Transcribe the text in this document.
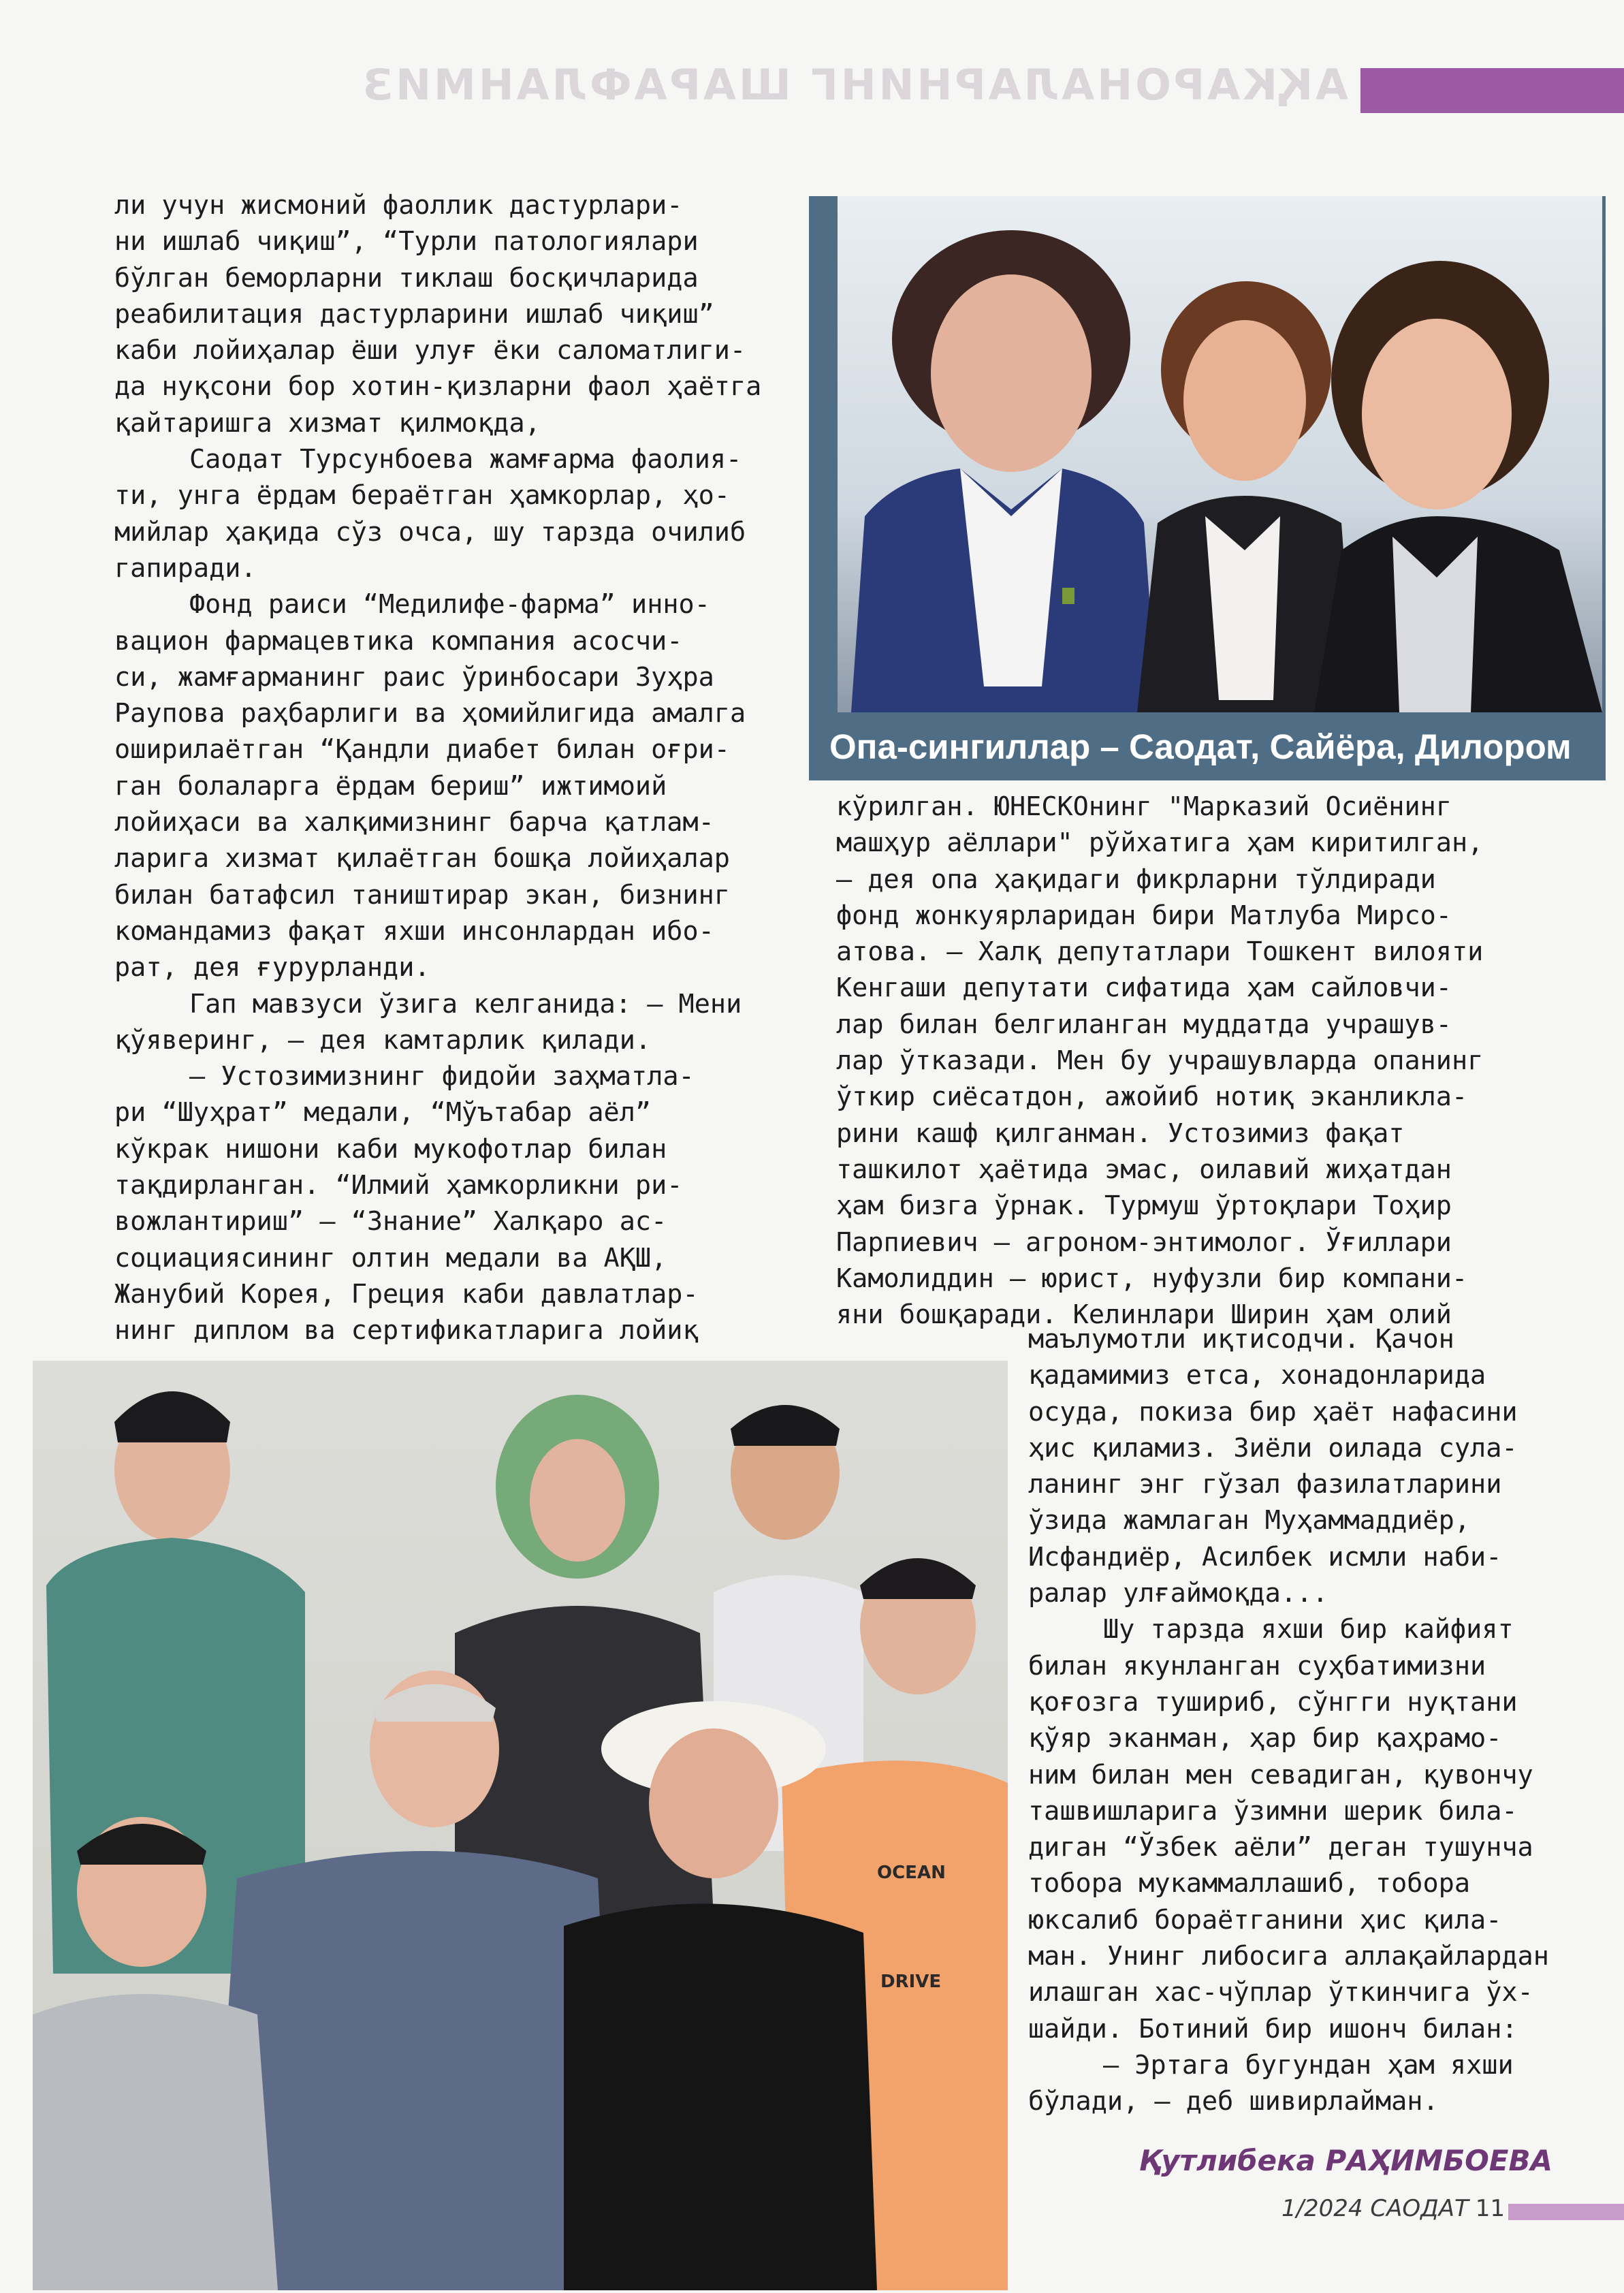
АҚКАРОНАЛАРНИНГ ШАРАФЛАНМИЗ

ли учун жисмоний фаоллик дастурлари-
ни ишлаб чиқиш”, “Турли патологиялари
бўлган беморларни тиклаш босқичларида
реабилитация дастурларини ишлаб чиқиш”
каби лойиҳалар ёши улуғ ёки саломатлиги-
да нуқсони бор хотин-қизларни фаол ҳаётга
қайтаришга хизмат қилмоқда,

Саодат Турсунбоева жамғарма фаолия-
ти, унга ёрдам бераётган ҳамкорлар, ҳо-
мийлар ҳақида сўз очса, шу тарзда очилиб
гапиради.

Фонд раиси “Медилифе-фарма” инно-
вацион фармацевтика компания асосчи-
си, жамғарманинг раис ўринбосари Зуҳра
Раупова раҳбарлиги ва ҳомийлигида амалга
оширилаётган “Қандли диабет билан оғри-
ган болаларга ёрдам бериш” ижтимоий
лойиҳаси ва халқимизнинг барча қатлам-
ларига хизмат қилаётган бошқа лойиҳалар
билан батафсил таништирар экан, бизнинг
командамиз фақат яхши инсонлардан ибо-
рат, дея ғурурланди.

Гап мавзуси ўзига келганида: – Мени
қўяверинг, – дея камтарлик қилади.

– Устозимизнинг фидойи заҳматла-
ри “Шуҳрат” медали, “Мўътабар аёл”
кўкрак нишони каби мукофотлар билан
тақдирланган. “Илмий ҳамкорликни ри-
вожлантириш” – “Знание” Халқаро ас-
социациясининг олтин медали ва АҚШ,
Жанубий Корея, Греция каби давлатлар-
нинг диплом ва сертификатларига лойиқ

Опа-сингиллар – Саодат, Сайёра, Дилором

кўрилган. ЮНЕСКОнинг "Марказий Осиёнинг
машҳур аёллари" рўйхатига ҳам киритилган,
– дея опа ҳақидаги фикрларни тўлдиради
фонд жонкуярларидан бири Матлуба Мирсо-
атова. – Халқ депутатлари Тошкент вилояти
Кенгаши депутати сифатида ҳам сайловчи-
лар билан белгиланган муддатда учрашув-
лар ўтказади. Мен бу учрашувларда опанинг
ўткир сиёсатдон, ажойиб нотиқ эканликла-
рини кашф қилганман. Устозимиз фақат
ташкилот ҳаётида эмас, оилавий жиҳатдан
ҳам бизга ўрнак. Турмуш ўртоқлари Тоҳир
Парпиевич – агроном-энтимолог. Ўғиллари
Камолиддин – юрист, нуфузли бир компани-
яни бошқаради. Келинлари Ширин ҳам олий

OCEAN
DRIVE

маълумотли иқтисодчи. Қачон
қадамимиз етса, хонадонларида
осуда, покиза бир ҳаёт нафасини
ҳис қиламиз. Зиёли оилада сула-
ланинг энг гўзал фазилатларини
ўзида жамлаган Муҳаммаддиёр,
Исфандиёр, Асилбек исмли наби-
ралар улғаймоқда...

Шу тарзда яхши бир кайфият
билан якунланган суҳбатимизни
қоғозга тушириб, сўнгги нуқтани
қўяр эканман, ҳар бир қаҳрамо-
ним билан мен севадиган, қувончу
ташвишларига ўзимни шерик била-
диган “Ўзбек аёли” деган тушунча
тобора мукаммаллашиб, тобора
юксалиб бораётганини ҳис қила-
ман. Унинг либосига аллақайлардан
илашган хас-чўплар ўткинчига ўх-
шайди. Ботиний бир ишонч билан:

– Эртага бугундан ҳам яхши
бўлади, – деб шивирлайман.

Қутлибека РАҲИМБОЕВА
1/2024 САОДАТ 11
